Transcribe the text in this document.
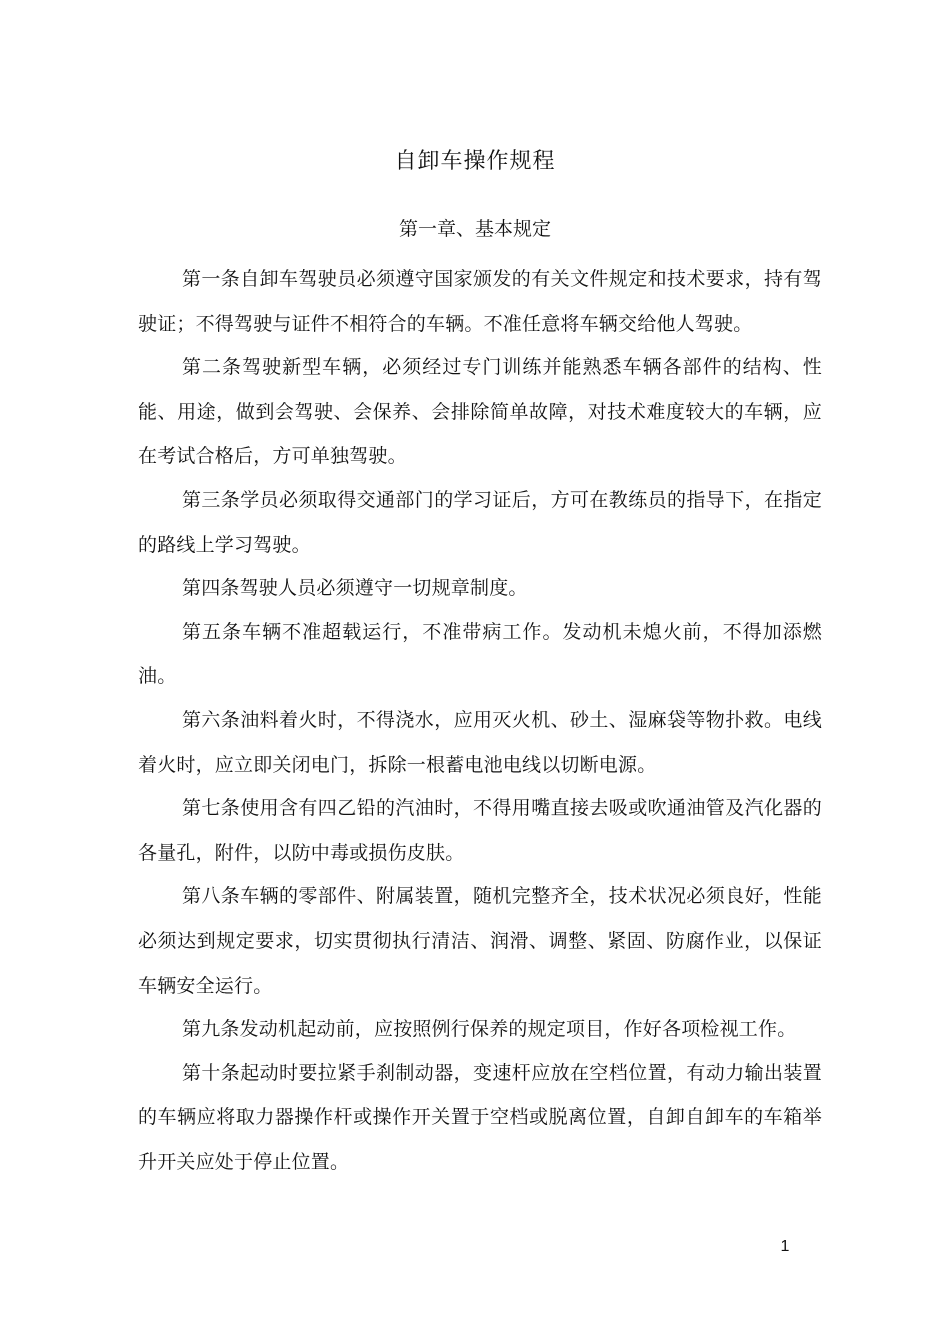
自卸车操作规程
第一章、基本规定

第一条自卸车驾驶员必须遵守国家颁发的有关文件规定和技术要求，持有驾驶证；不得驾驶与证件不相符合的车辆。不准任意将车辆交给他人驾驶。

第二条驾驶新型车辆，必须经过专门训练并能熟悉车辆各部件的结构、性能、用途，做到会驾驶、会保养、会排除简单故障，对技术难度较大的车辆，应在考试合格后，方可单独驾驶。

第三条学员必须取得交通部门的学习证后，方可在教练员的指导下，在指定的路线上学习驾驶。

第四条驾驶人员必须遵守一切规章制度。

第五条车辆不准超载运行，不准带病工作。发动机未熄火前，不得加添燃油。

第六条油料着火时，不得浇水，应用灭火机、砂土、湿麻袋等物扑救。电线着火时，应立即关闭电门，拆除一根蓄电池电线以切断电源。

第七条使用含有四乙铅的汽油时，不得用嘴直接去吸或吹通油管及汽化器的各量孔，附件，以防中毒或损伤皮肤。

第八条车辆的零部件、附属装置，随机完整齐全，技术状况必须良好，性能必须达到规定要求，切实贯彻执行清洁、润滑、调整、紧固、防腐作业，以保证车辆安全运行。

第九条发动机起动前，应按照例行保养的规定项目，作好各项检视工作。

第十条起动时要拉紧手刹制动器，变速杆应放在空档位置，有动力输出装置的车辆应将取力器操作杆或操作开关置于空档或脱离位置，自卸自卸车的车箱举升开关应处于停止位置。

1
